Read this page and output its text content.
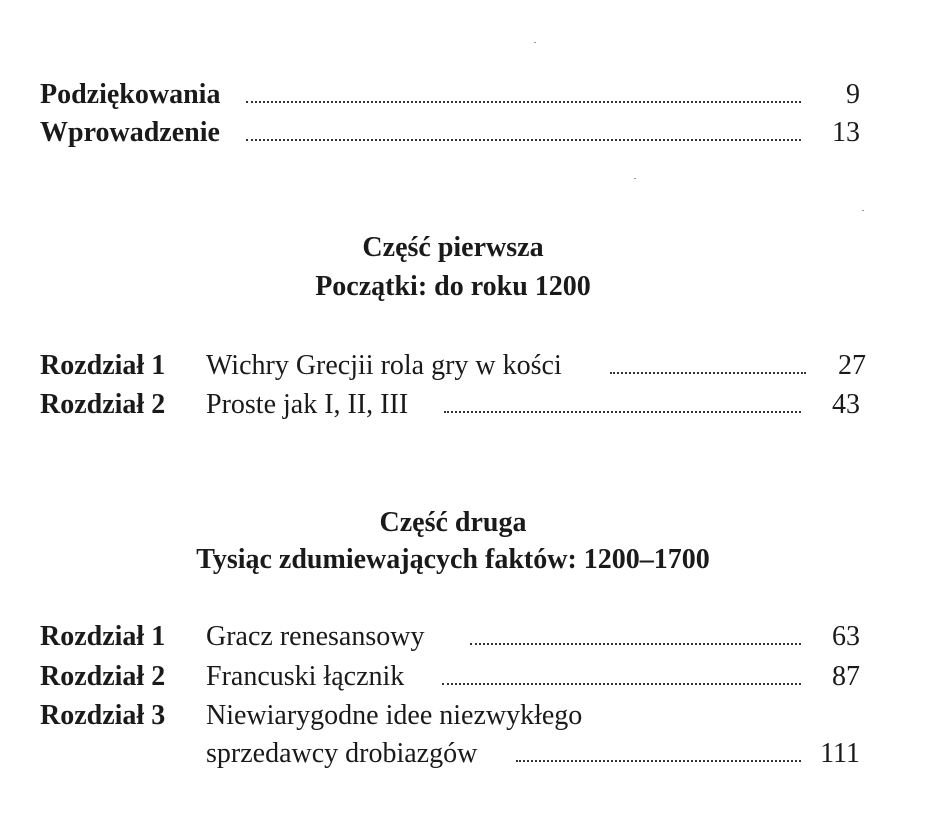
Podziękowania	9
Wprowadzenie	13
Część pierwsza
Początki: do roku 1200
Rozdział 1 Wichry Grecjii rola gry w kości	27
Rozdział 2 Proste jak I, II, III	43
Część druga
Tysiąc zdumiewających faktów: 1200–1700
Rozdział 1 Gracz renesansowy	63
Rozdział 2 Francuski łącznik	87
Rozdział 3 Niewiarygodne idee niezwykłego
sprzedawcy drobiazgów	111
